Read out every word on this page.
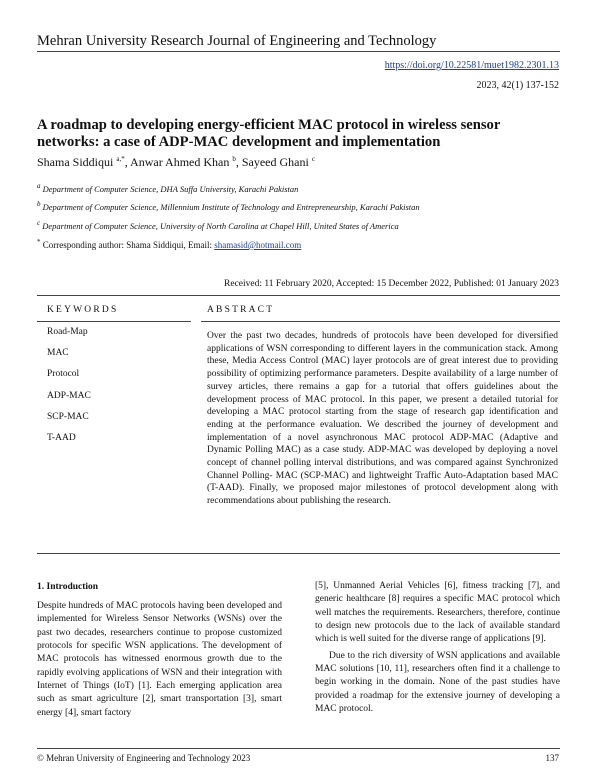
Mehran University Research Journal of Engineering and Technology
https://doi.org/10.22581/muet1982.2301.13
2023, 42(1) 137-152
A roadmap to developing energy-efficient MAC protocol in wireless sensor networks: a case of ADP-MAC development and implementation
Shama Siddiqui $^{a,*}$, Anwar Ahmed Khan $^b$, Sayeed Ghani $^c$
$^a$ Department of Computer Science, DHA Suffa University, Karachi Pakistan
$^b$ Department of Computer Science, Millennium Institute of Technology and Entrepreneurship, Karachi Pakistan
$^c$ Department of Computer Science, University of North Carolina at Chapel Hill, United States of America
* Corresponding author: Shama Siddiqui, Email: shamasid@hotmail.com
Received: 11 February 2020, Accepted: 15 December 2022, Published: 01 January 2023
KEYWORDS	ABSTRACT
Road-Map
MAC
Protocol
ADP-MAC
SCP-MAC
T-AAD

Over the past two decades, hundreds of protocols have been developed for diversified applications of WSN corresponding to different layers in the communication stack. Among these, Media Access Control (MAC) layer protocols are of great interest due to providing possibility of optimizing performance parameters. Despite availability of a large number of survey articles, there remains a gap for a tutorial that offers guidelines about the development process of MAC protocol. In this paper, we present a detailed tutorial for developing a MAC protocol starting from the stage of research gap identification and ending at the performance evaluation. We described the journey of development and implementation of a novel asynchronous MAC protocol ADP-MAC (Adaptive and Dynamic Polling MAC) as a case study. ADP-MAC was developed by deploying a novel concept of channel polling interval distributions, and was compared against Synchronized Channel Polling- MAC (SCP-MAC) and lightweight Traffic Auto-Adaptation based MAC (T-AAD). Finally, we proposed major milestones of protocol development along with recommendations about publishing the research.

1. Introduction

Despite hundreds of MAC protocols having been developed and implemented for Wireless Sensor Networks (WSNs) over the past two decades, researchers continue to propose customized protocols for specific WSN applications. The development of MAC protocols has witnessed enormous growth due to the rapidly evolving applications of WSN and their integration with Internet of Things (IoT) [1]. Each emerging application area such as smart agriculture [2], smart transportation [3], smart energy [4], smart factory

[5], Unmanned Aerial Vehicles [6], fitness tracking [7], and generic healthcare [8] requires a specific MAC protocol which well matches the requirements. Researchers, therefore, continue to design new protocols due to the lack of available standard which is well suited for the diverse range of applications [9].

Due to the rich diversity of WSN applications and available MAC solutions [10, 11], researchers often find it a challenge to begin working in the domain. None of the past studies have provided a roadmap for the extensive journey of developing a MAC protocol.

© Mehran University of Engineering and Technology 2023	137
